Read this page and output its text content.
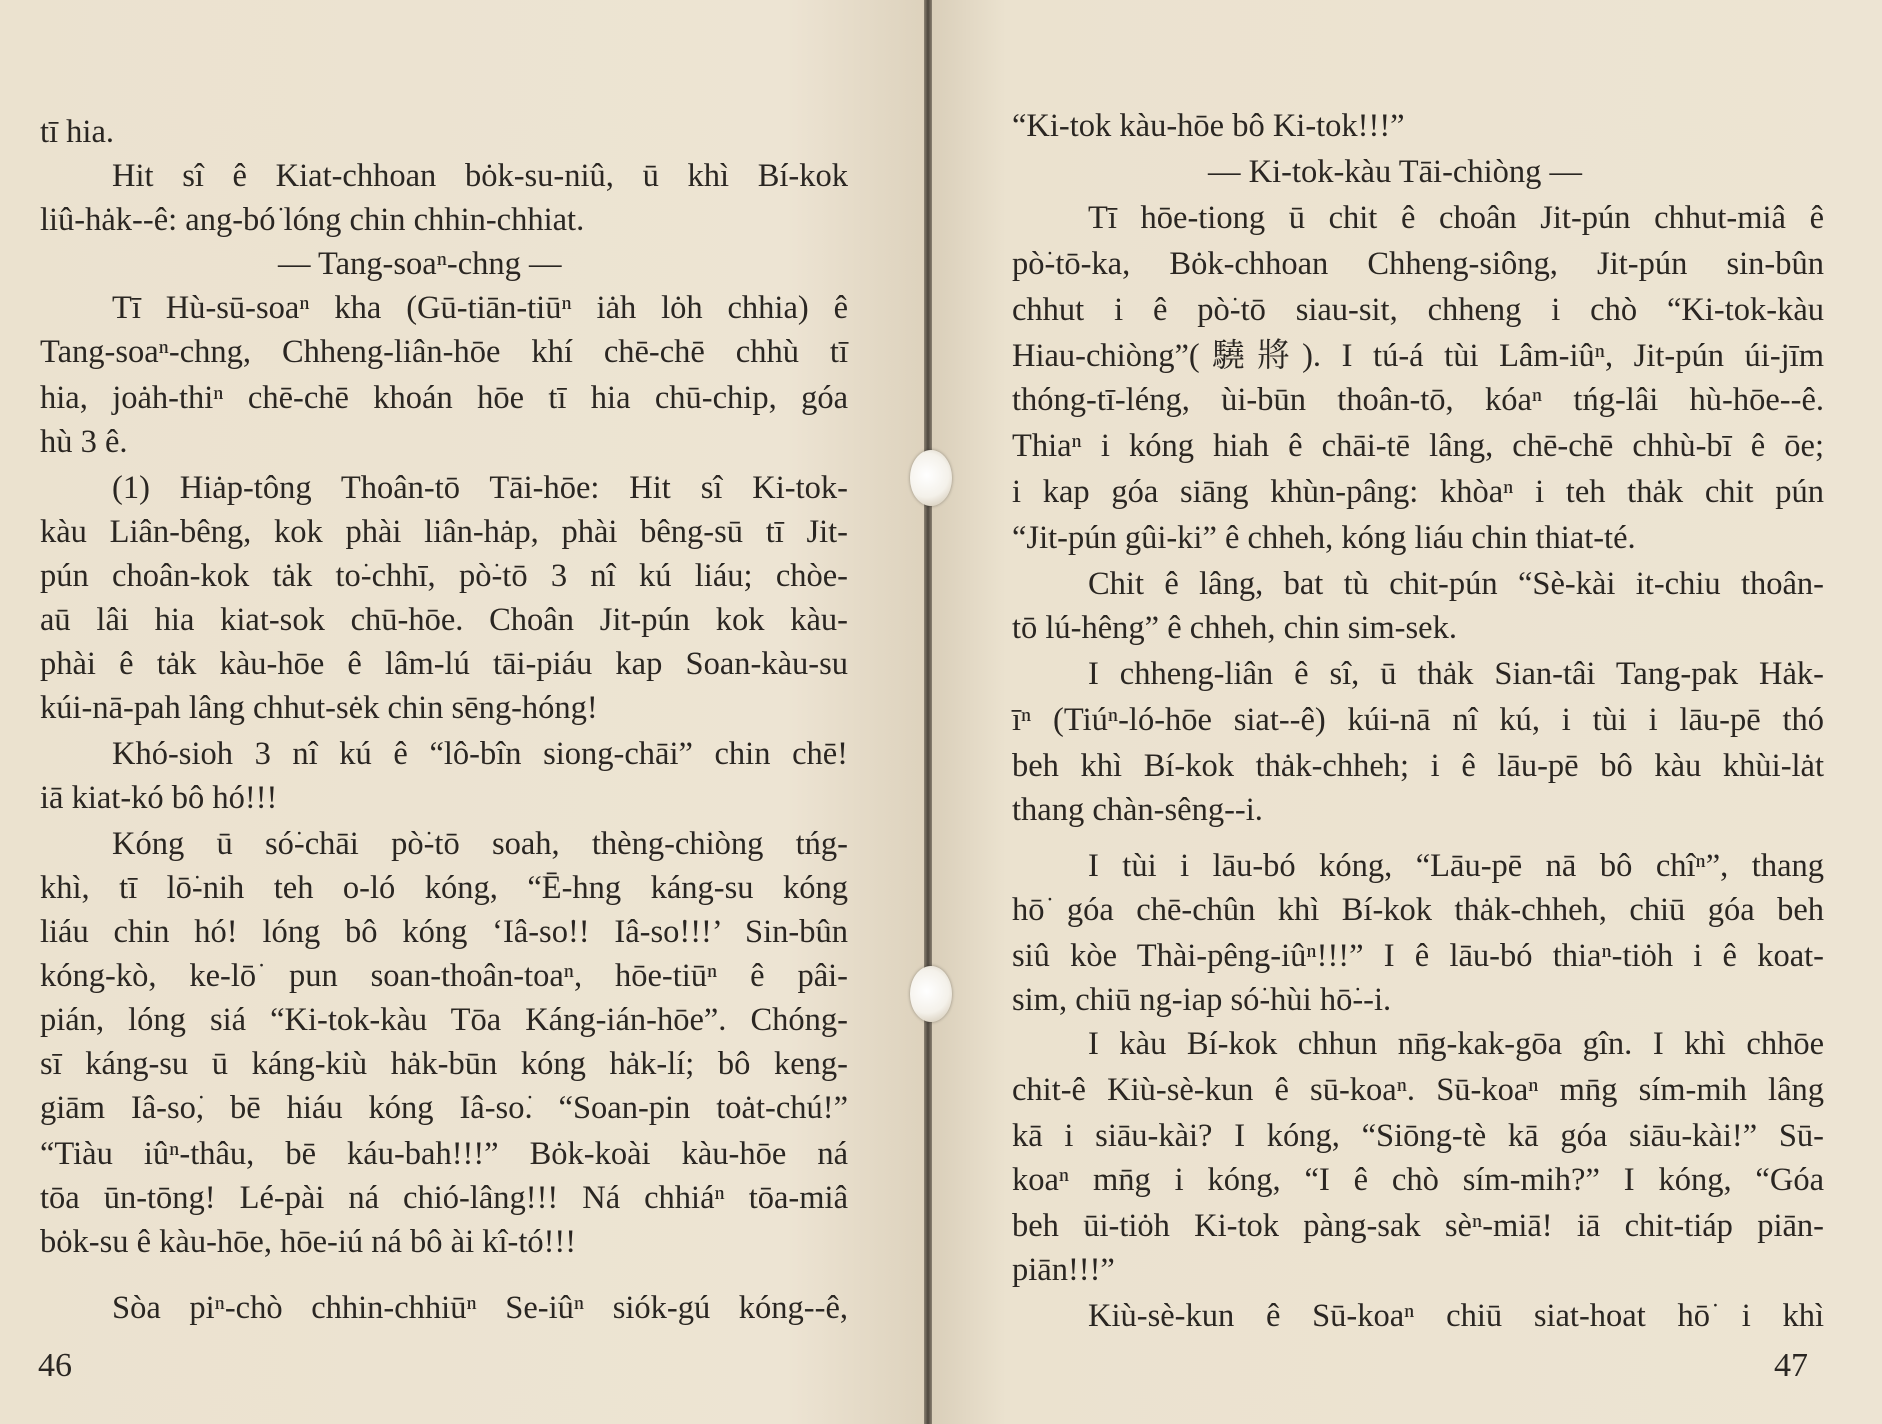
tī hia.
Hit sî ê Kiat-chhoan bȯk-su-niû, ū khì Bí-kok
liû-hȧk--ê: ang-bó͘ lóng chin chhin-chhiat.
— Tang-soaⁿ-chng —
Tī Hù-sū-soaⁿ kha (Gū-tiān-tiūⁿ iȧh lȯh chhia) ê
Tang-soaⁿ-chng, Chheng-liân-hōe khí chē-chē chhù tī
hia, joȧh-thiⁿ chē-chē khoán hōe tī hia chū-chip, góa
hù 3 ê.
(1) Hiȧp-tông Thoân-tō Tāi-hōe: Hit sî Ki-tok-
kàu Liân-bêng, kok phài liân-hȧp, phài bêng-sū tī Jit-
pún choân-kok tȧk to͘-chhī, pò͘-tō 3 nî kú liáu; chòe-
aū lâi hia kiat-sok chū-hōe. Choân Jit-pún kok kàu-
phài ê tȧk kàu-hōe ê lâm-lú tāi-piáu kap Soan-kàu-su
kúi-nā-pah lâng chhut-sėk chin sēng-hóng!
Khó-sioh 3 nî kú ê “lô-bîn siong-chāi” chin chē!
iā kiat-kó bô hó!!!
Kóng ū só͘-chāi pò͘-tō soah, thèng-chiòng tńg-
khì, tī lō͘-nih teh o-ló kóng, “Ē-hng káng-su kóng
liáu chin hó! lóng bô kóng ‘Iâ-so͘!! Iâ-so͘!!!’ Sin-bûn
kóng-kò, ke-lō͘ pun soan-thoân-toaⁿ, hōe-tiūⁿ ê pâi-
pián, lóng siá “Ki-tok-kàu Tōa Káng-ián-hōe”. Chóng-
sī káng-su ū káng-kiù hȧk-būn kóng hȧk-lí; bô keng-
giām Iâ-so͘, bē hiáu kóng Iâ-so͘. “Soan-pin toȧt-chú!”
“Tiàu iûⁿ-thâu, bē káu-bah!!!” Bȯk-koài kàu-hōe ná
tōa ūn-tōng! Lé-pài ná chió-lâng!!! Ná chhiáⁿ tōa-miâ
bȯk-su ê kàu-hōe, hōe-iú ná bô ài kî-tó!!!
Sòa piⁿ-chò chhin-chhiūⁿ Se-iûⁿ siók-gú kóng--ê,
46
“Ki-tok kàu-hōe bô Ki-tok!!!”
— Ki-tok-kàu Tāi-chiòng —
Tī hōe-tiong ū chit ê choân Jit-pún chhut-miâ ê
pò͘-tō-ka, Bȯk-chhoan Chheng-siông, Jit-pún sin-bûn
chhut i ê pò͘-tō siau-sit, chheng i chò “Ki-tok-kàu
Hiau-chiòng”(驍將). I tú-á tùi Lâm-iûⁿ, Jit-pún úi-jīm
thóng-tī-léng, ùi-būn thoân-tō, kóaⁿ tńg-lâi hù-hōe--ê.
Thiaⁿ i kóng hiah ê chāi-tē lâng, chē-chē chhù-bī ê ōe;
i kap góa siāng khùn-pâng: khòaⁿ i teh thȧk chit pún
“Jit-pún gûi-ki” ê chheh, kóng liáu chin thiat-té.
Chit ê lâng, bat tù chit-pún “Sè-kài it-chiu thoân-
tō lú-hêng” ê chheh, chin sim-sek.
I chheng-liân ê sî, ū thȧk Sian-tâi Tang-pak Hȧk-
īⁿ (Tiúⁿ-ló-hōe siat--ê) kúi-nā nî kú, i tùi i lāu-pē thó
beh khì Bí-kok thȧk-chheh; i ê lāu-pē bô kàu khùi-lȧt
thang chàn-sêng--i.
I tùi i lāu-bó kóng, “Lāu-pē nā bô chîⁿ”, thang
hō͘ góa chē-chûn khì Bí-kok thȧk-chheh, chiū góa beh
siû kòe Thài-pêng-iûⁿ!!!” I ê lāu-bó thiaⁿ-tiȯh i ê koat-
sim, chiū ng-iap só͘-hùi hō͘--i.
I kàu Bí-kok chhun nn̄g-kak-gōa gîn. I khì chhōe
chit-ê Kiù-sè-kun ê sū-koaⁿ. Sū-koaⁿ mn̄g sím-mih lâng
kā i siāu-kài? I kóng, “Siōng-tè kā góa siāu-kài!” Sū-
koaⁿ mn̄g i kóng, “I ê chò sím-mih?” I kóng, “Góa
beh ūi-tiȯh Ki-tok pàng-sak sèⁿ-miā! iā chit-tiáp piān-
piān!!!”
Kiù-sè-kun ê Sū-koaⁿ chiū siat-hoat hō͘ i khì
47
